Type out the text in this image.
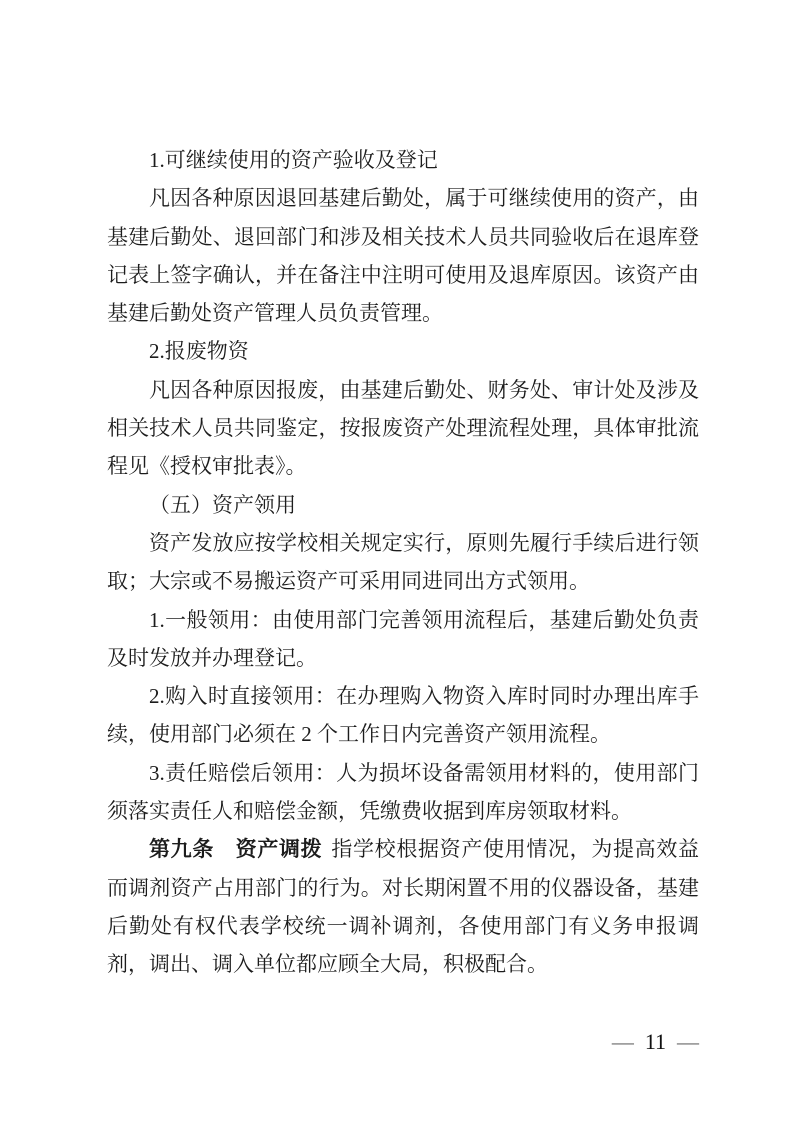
1.可继续使用的资产验收及登记

凡因各种原因退回基建后勤处，属于可继续使用的资产，由基建后勤处、退回部门和涉及相关技术人员共同验收后在退库登记表上签字确认，并在备注中注明可使用及退库原因。该资产由基建后勤处资产管理人员负责管理。

2.报废物资

凡因各种原因报废，由基建后勤处、财务处、审计处及涉及相关技术人员共同鉴定，按报废资产处理流程处理，具体审批流程见《授权审批表》。

（五）资产领用

资产发放应按学校相关规定实行，原则先履行手续后进行领取；大宗或不易搬运资产可采用同进同出方式领用。

1.一般领用：由使用部门完善领用流程后，基建后勤处负责及时发放并办理登记。

2.购入时直接领用：在办理购入物资入库时同时办理出库手续，使用部门必须在 2 个工作日内完善资产领用流程。

3.责任赔偿后领用：人为损坏设备需领用材料的，使用部门须落实责任人和赔偿金额，凭缴费收据到库房领取材料。

第九条　资产调拨 指学校根据资产使用情况，为提高效益而调剂资产占用部门的行为。对长期闲置不用的仪器设备，基建后勤处有权代表学校统一调补调剂，各使用部门有义务申报调剂，调出、调入单位都应顾全大局，积极配合。

— 11 —
